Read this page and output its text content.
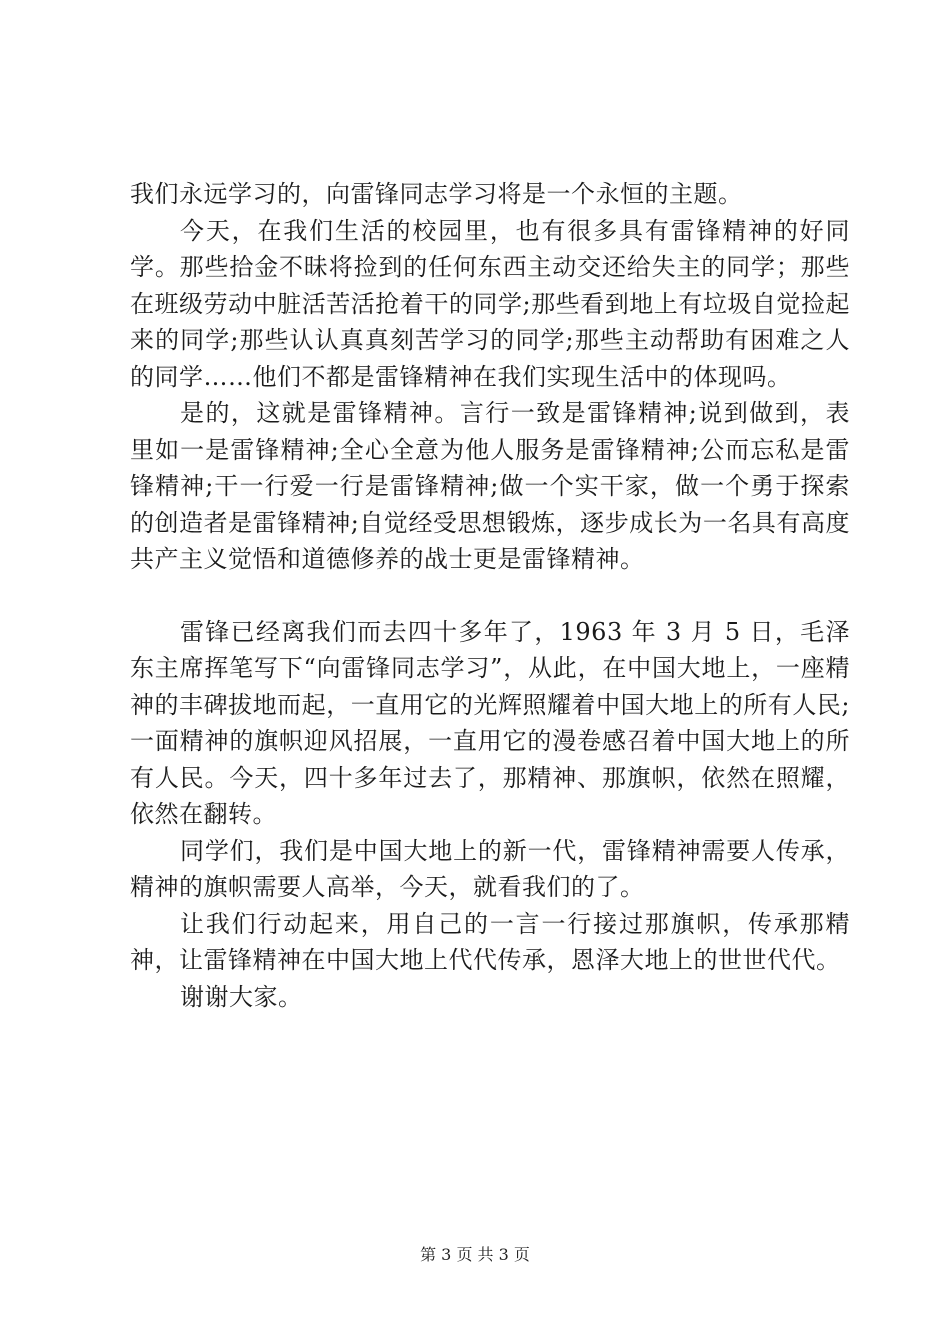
我们永远学习的，向雷锋同志学习将是一个永恒的主题。

今天，在我们生活的校园里，也有很多具有雷锋精神的好同学。那些拾金不昧将捡到的任何东西主动交还给失主的同学；那些在班级劳动中脏活苦活抢着干的同学;那些看到地上有垃圾自觉捡起来的同学;那些认认真真刻苦学习的同学;那些主动帮助有困难之人的同学……他们不都是雷锋精神在我们实现生活中的体现吗。

是的，这就是雷锋精神。言行一致是雷锋精神;说到做到，表里如一是雷锋精神;全心全意为他人服务是雷锋精神;公而忘私是雷锋精神;干一行爱一行是雷锋精神;做一个实干家，做一个勇于探索的创造者是雷锋精神;自觉经受思想锻炼，逐步成长为一名具有高度共产主义觉悟和道德修养的战士更是雷锋精神。

雷锋已经离我们而去四十多年了，1963 年 3 月 5 日，毛泽东主席挥笔写下“向雷锋同志学习”，从此，在中国大地上，一座精神的丰碑拔地而起，一直用它的光辉照耀着中国大地上的所有人民;一面精神的旗帜迎风招展，一直用它的漫卷感召着中国大地上的所有人民。今天，四十多年过去了，那精神、那旗帜，依然在照耀，依然在翻转。

同学们，我们是中国大地上的新一代，雷锋精神需要人传承，精神的旗帜需要人高举，今天，就看我们的了。

让我们行动起来，用自己的一言一行接过那旗帜，传承那精神，让雷锋精神在中国大地上代代传承，恩泽大地上的世世代代。

谢谢大家。

第 3 页 共 3 页
